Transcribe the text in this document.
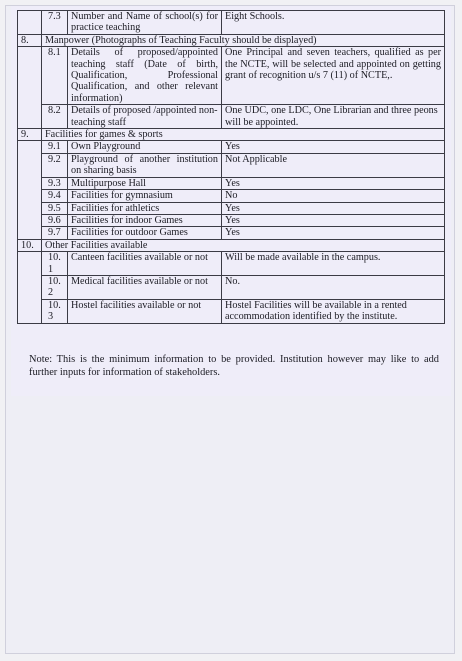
	7.3	Number and Name of school(s) for practice teaching	Eight Schools.
8.	Manpower (Photographs of Teaching Faculty should be displayed)		
	8.1	Details of proposed/appointed teaching staff (Date of birth, Qualification, Professional Qualification, and other relevant information)	One Principal and seven teachers, qualified as per the NCTE, will be selected and appointed on getting grant of recognition u/s 7 (11) of NCTE,.
	8.2	Details of proposed /appointed non-teaching staff	One UDC, one LDC, One Librarian and three peons will be appointed.
9.	Facilities for games & sports		
	9.1	Own Playground	Yes
	9.2	Playground of another institution on sharing basis	Not Applicable
	9.3	Multipurpose Hall	Yes
	9.4	Facilities for gymnasium	No
	9.5	Facilities for athletics	Yes
	9.6	Facilities for indoor Games	Yes
	9.7	Facilities for outdoor Games	Yes
10.	Other Facilities available		
	10.1	Canteen facilities available or not	Will be made available in the campus.
	10.2	Medical facilities available or not	No.
	10.3	Hostel facilities available or not	Hostel Facilities will be available in a rented accommodation identified by the institute.
Note: This is the minimum information to be provided. Institution however may like to add further inputs for information of stakeholders.
